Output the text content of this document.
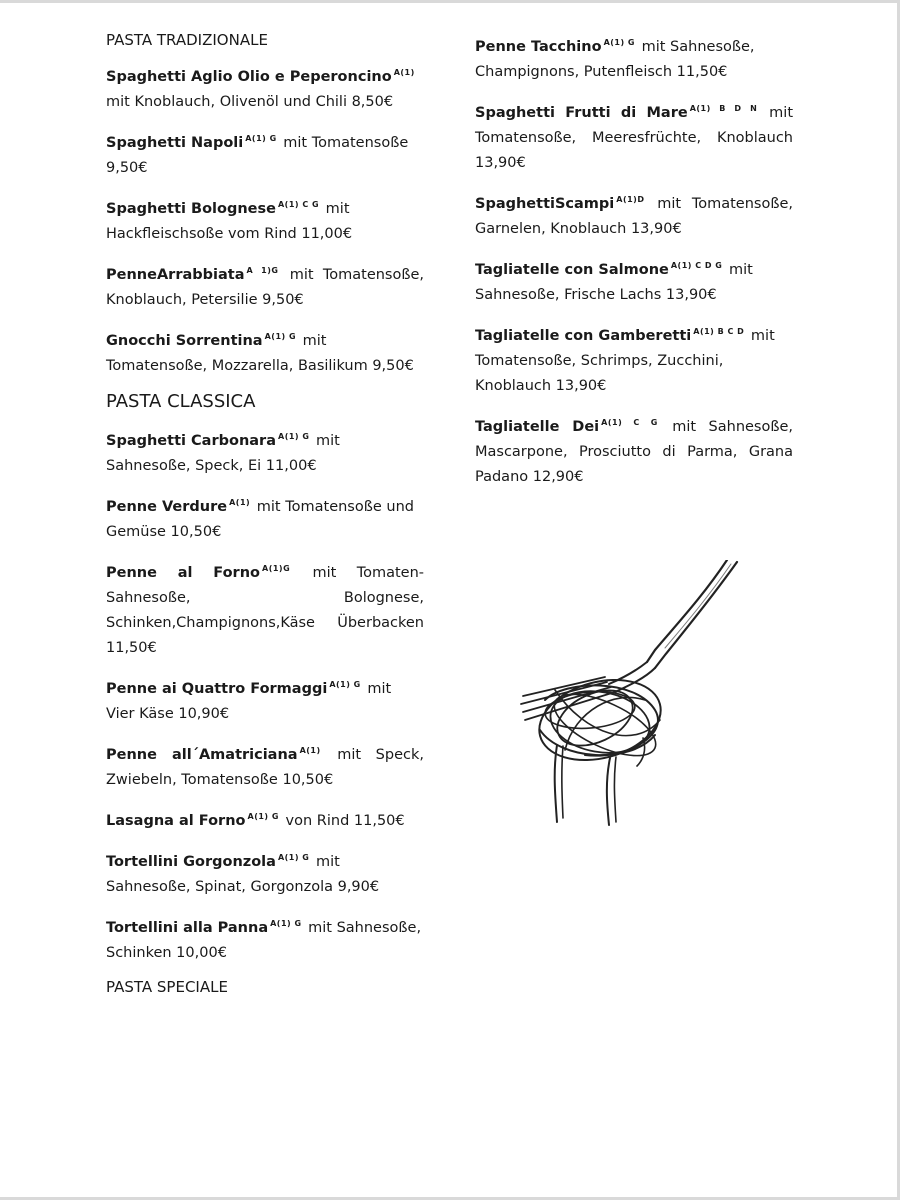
PASTA TRADIZIONALE
Spaghetti Aglio Olio e Peperoncino $^{A(1)}$ mit Knoblauch, Olivenöl und Chili 8,50€
Spaghetti Napoli $^{A(1) G}$ mit Tomatensoße 9,50€
Spaghetti Bolognese $^{A(1) C G}$ mit Hackfleischsoße vom Rind 11,00€
PenneArrabbiata $^{A 1)G}$ mit Tomatensoße, Knoblauch, Petersilie 9,50€
Gnocchi Sorrentina $^{A(1) G}$ mit Tomatensoße, Mozzarella, Basilikum 9,50€
PASTA CLASSICA
Spaghetti Carbonara $^{A(1) G}$ mit Sahnesoße, Speck, Ei 11,00€
Penne Verdure $^{A(1)}$ mit Tomatensoße und Gemüse 10,50€
Penne al Forno $^{A(1)G}$ mit Tomaten-Sahnesoße, Bolognese, Schinken,Champignons,Käse Überbacken 11,50€
Penne ai Quattro Formaggi $^{A(1) G}$ mit Vier Käse 10,90€
Penne all´Amatriciana $^{A(1)}$ mit Speck, Zwiebeln, Tomatensoße 10,50€
Lasagna al Forno $^{A(1) G}$ von Rind 11,50€
Tortellini Gorgonzola $^{A(1) G}$ mit Sahnesoße, Spinat, Gorgonzola 9,90€
Tortellini alla Panna $^{A(1) G}$ mit Sahnesoße, Schinken 10,00€
PASTA SPECIALE
Penne Tacchino $^{A(1) G}$ mit Sahnesoße, Champignons, Putenfleisch 11,50€
Spaghetti Frutti di Mare $^{A(1) B D N}$ mit Tomatensoße, Meeresfrüchte, Knoblauch 13,90€
SpaghettiScampi $^{A(1)D}$ mit Tomatensoße, Garnelen, Knoblauch 13,90€
Tagliatelle con Salmone $^{A(1) C D G}$ mit Sahnesoße, Frische Lachs 13,90€
Tagliatelle con Gamberetti $^{A(1) B C D}$ mit Tomatensoße, Schrimps, Zucchini, Knoblauch 13,90€
Tagliatelle Dei $^{A(1) C G}$ mit Sahnesoße, Mascarpone, Prosciutto di Parma, Grana Padano 12,90€
